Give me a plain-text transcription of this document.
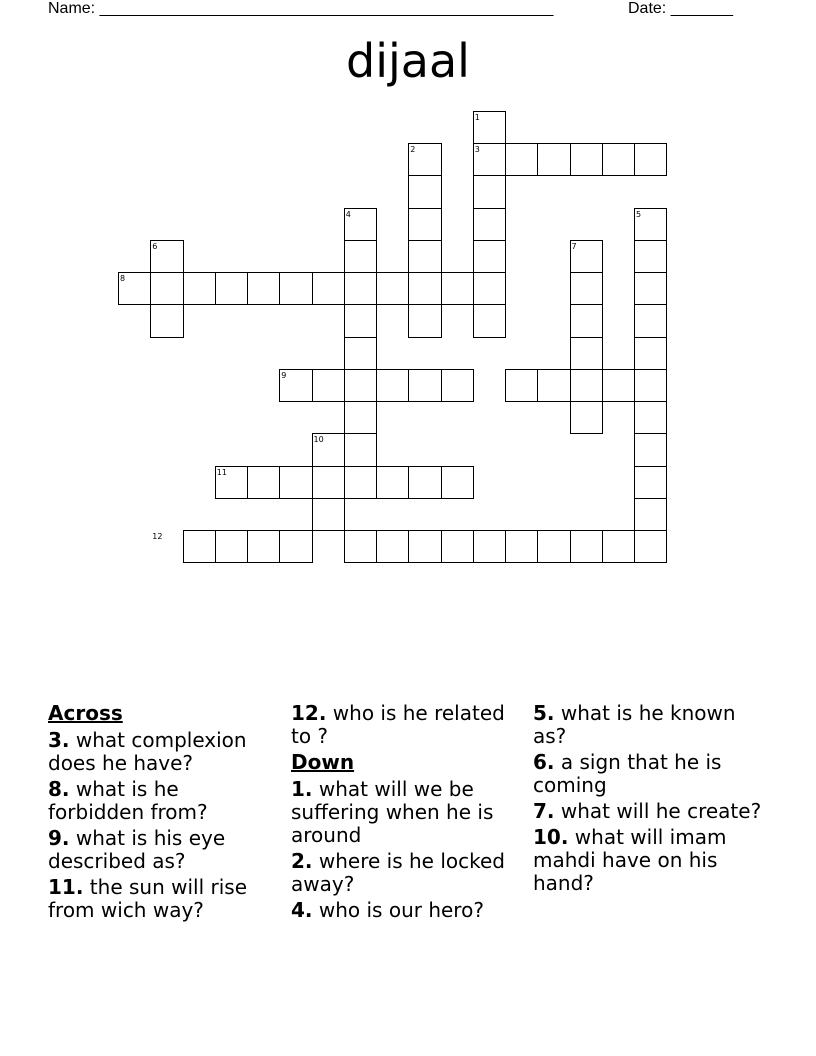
Name: ___________________________________________________	Date: _______
dijaal
1
2	3
4	5
6	7
8
9
10
11
12
Across
3. what complexion does he have?
8. what is he forbidden from?
9. what is his eye described as?
11. the sun will rise from wich way?
12. who is he related to ?
Down
1. what will we be suffering when he is around
2. where is he locked away?
4. who is our hero?
5. what is he known as?
6. a sign that he is coming
7. what will he create?
10. what will imam mahdi have on his hand?
